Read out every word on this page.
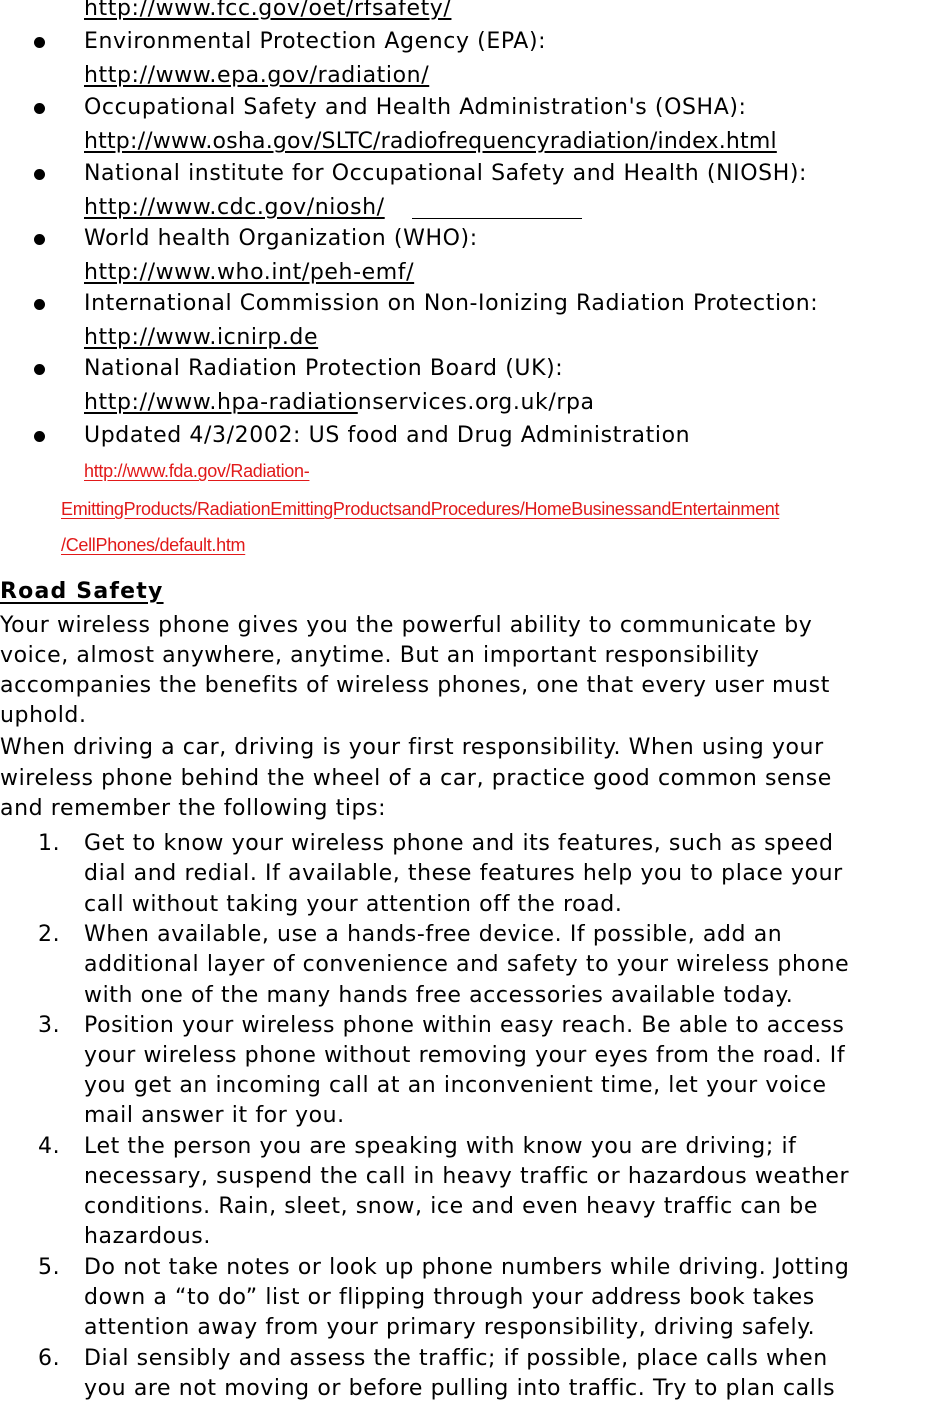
http://www.fcc.gov/oet/rfsafety/
Environmental Protection Agency (EPA):
http://www.epa.gov/radiation/
Occupational Safety and Health Administration's (OSHA):
http://www.osha.gov/SLTC/radiofrequencyradiation/index.html
National institute for Occupational Safety and Health (NIOSH):
http://www.cdc.gov/niosh/
World health Organization (WHO):
http://www.who.int/peh-emf/
International Commission on Non-Ionizing Radiation Protection:
http://www.icnirp.de
National Radiation Protection Board (UK):
http://www.hpa-radiationservices.org.uk/rpa
Updated 4/3/2002: US food and Drug Administration
http://www.fda.gov/Radiation-
EmittingProducts/RadiationEmittingProductsandProcedures/HomeBusinessandEntertainment
/CellPhones/default.htm
Road Safety
Your wireless phone gives you the powerful ability to communicate by
voice, almost anywhere, anytime. But an important responsibility
accompanies the benefits of wireless phones, one that every user must
uphold.
When driving a car, driving is your first responsibility. When using your
wireless phone behind the wheel of a car, practice good common sense
and remember the following tips:
1. Get to know your wireless phone and its features, such as speed
dial and redial. If available, these features help you to place your
call without taking your attention off the road.
2. When available, use a hands-free device. If possible, add an
additional layer of convenience and safety to your wireless phone
with one of the many hands free accessories available today.
3. Position your wireless phone within easy reach. Be able to access
your wireless phone without removing your eyes from the road. If
you get an incoming call at an inconvenient time, let your voice
mail answer it for you.
4. Let the person you are speaking with know you are driving; if
necessary, suspend the call in heavy traffic or hazardous weather
conditions. Rain, sleet, snow, ice and even heavy traffic can be
hazardous.
5. Do not take notes or look up phone numbers while driving. Jotting
down a “to do” list or flipping through your address book takes
attention away from your primary responsibility, driving safely.
6. Dial sensibly and assess the traffic; if possible, place calls when
you are not moving or before pulling into traffic. Try to plan calls
